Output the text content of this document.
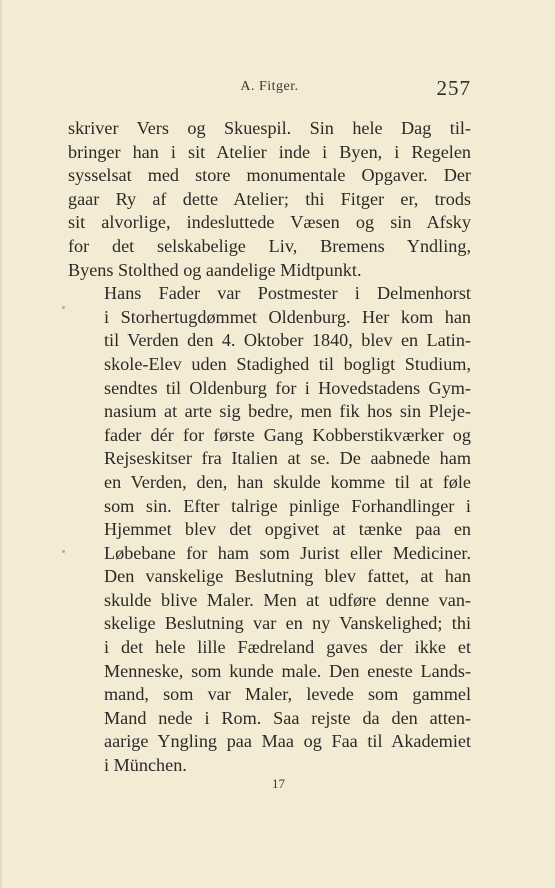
A. Fitger.	257

skriver Vers og Skuespil. Sin hele Dag til-
bringer han i sit Atelier inde i Byen, i Regelen
sysselsat med store monumentale Opgaver. Der
gaar Ry af dette Atelier; thi Fitger er, trods
sit alvorlige, indesluttede Væsen og sin Afsky
for det selskabelige Liv, Bremens Yndling,
Byens Stolthed og aandelige Midtpunkt.

Hans Fader var Postmester i Delmenhorst
i Storhertugdømmet Oldenburg. Her kom han
til Verden den 4. Oktober 1840, blev en Latin-
skole-Elev uden Stadighed til bogligt Studium,
sendtes til Oldenburg for i Hovedstadens Gym-
nasium at arte sig bedre, men fik hos sin Pleje-
fader dér for første Gang Kobberstikværker og
Rejseskitser fra Italien at se. De aabnede ham
en Verden, den, han skulde komme til at føle
som sin. Efter talrige pinlige Forhandlinger i
Hjemmet blev det opgivet at tænke paa en
Løbebane for ham som Jurist eller Mediciner.
Den vanskelige Beslutning blev fattet, at han
skulde blive Maler. Men at udføre denne van-
skelige Beslutning var en ny Vanskelighed; thi
i det hele lille Fædreland gaves der ikke et
Menneske, som kunde male. Den eneste Lands-
mand, som var Maler, levede som gammel
Mand nede i Rom. Saa rejste da den atten-
aarige Yngling paa Maa og Faa til Akademiet
i München.

17
